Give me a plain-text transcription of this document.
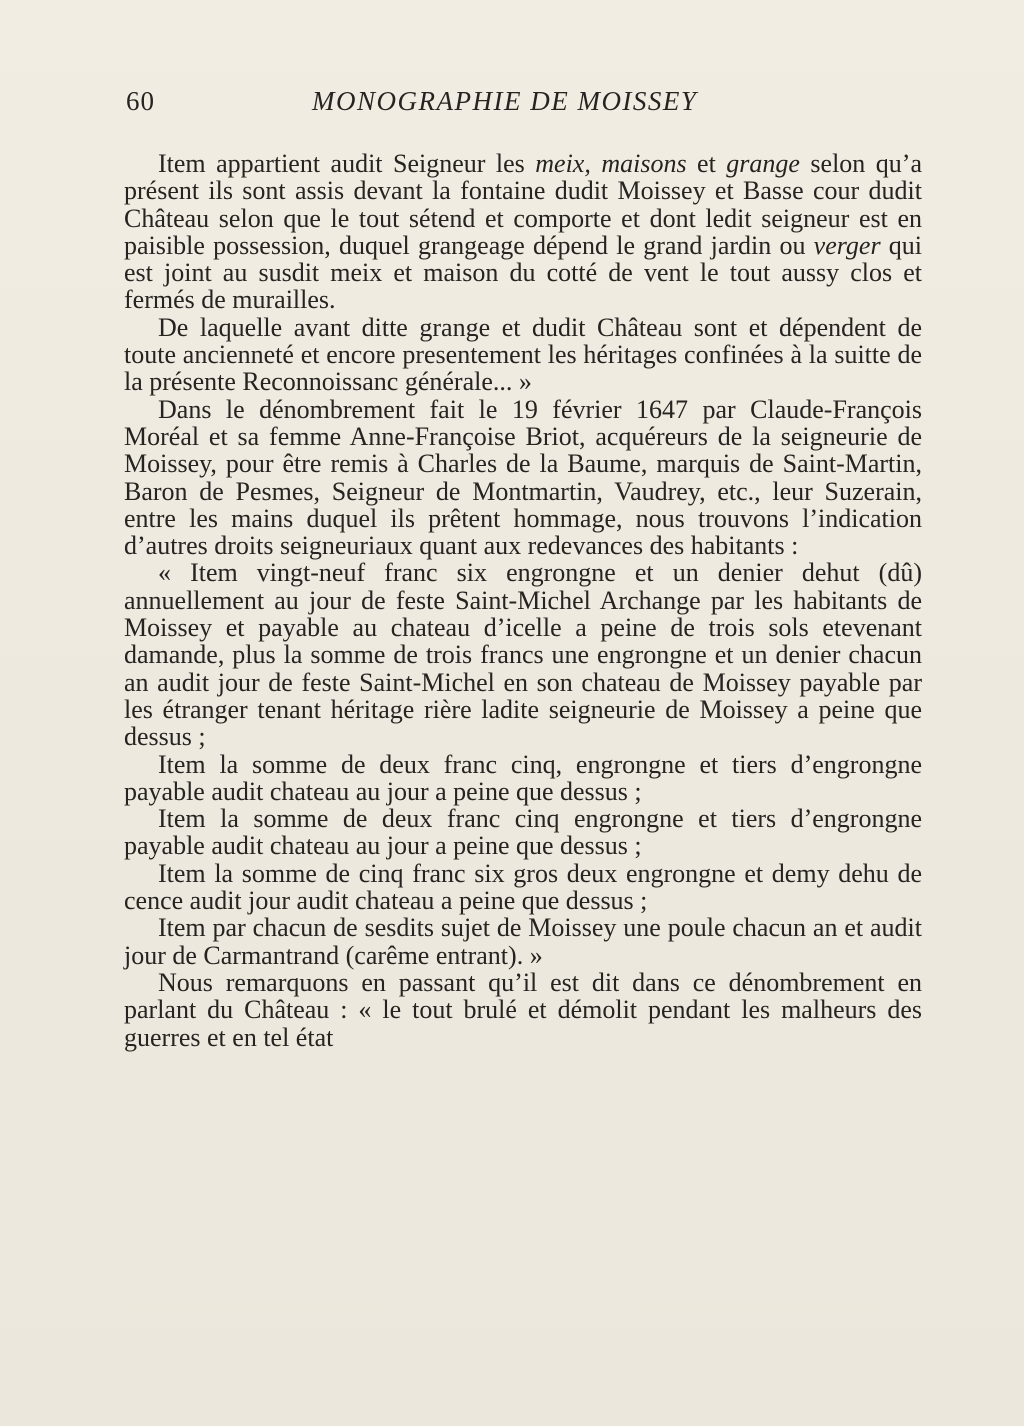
60	MONOGRAPHIE DE MOISSEY

Item appartient audit Seigneur les meix, maisons et grange selon qu’a présent ils sont assis devant la fontaine dudit Moissey et Basse cour dudit Château selon que le tout sétend et comporte et dont ledit seigneur est en paisible possession, duquel grangeage dépend le grand jardin ou verger qui est joint au susdit meix et maison du cotté de vent le tout aussy clos et fermés de murailles.

De laquelle avant ditte grange et dudit Château sont et dépendent de toute ancienneté et encore presentement les héritages confinées à la suitte de la présente Reconnoissanc générale... »

Dans le dénombrement fait le 19 février 1647 par Claude-François Moréal et sa femme Anne-Françoise Briot, acquéreurs de la seigneurie de Moissey, pour être remis à Charles de la Baume, marquis de Saint-Martin, Baron de Pesmes, Seigneur de Montmartin, Vaudrey, etc., leur Suzerain, entre les mains duquel ils prêtent hommage, nous trouvons l’indication d’autres droits seigneuriaux quant aux redevances des habitants :

« Item vingt-neuf franc six engrongne et un denier dehut (dû) annuellement au jour de feste Saint-Michel Archange par les habitants de Moissey et payable au chateau d’icelle a peine de trois sols etevenant damande, plus la somme de trois francs une engrongne et un denier chacun an audit jour de feste Saint-Michel en son chateau de Moissey payable par les étranger tenant héritage rière ladite seigneurie de Moissey a peine que dessus ;

Item la somme de deux franc cinq, engrongne et tiers d’engrongne payable audit chateau au jour a peine que dessus ;

Item la somme de deux franc cinq engrongne et tiers d’engrongne payable audit chateau au jour a peine que dessus ;

Item la somme de cinq franc six gros deux engrongne et demy dehu de cence audit jour audit chateau a peine que dessus ;

Item par chacun de sesdits sujet de Moissey une poule chacun an et audit jour de Carmantrand (carême entrant). »

Nous remarquons en passant qu’il est dit dans ce dénombrement en parlant du Château : « le tout brulé et démolit pendant les malheurs des guerres et en tel état
